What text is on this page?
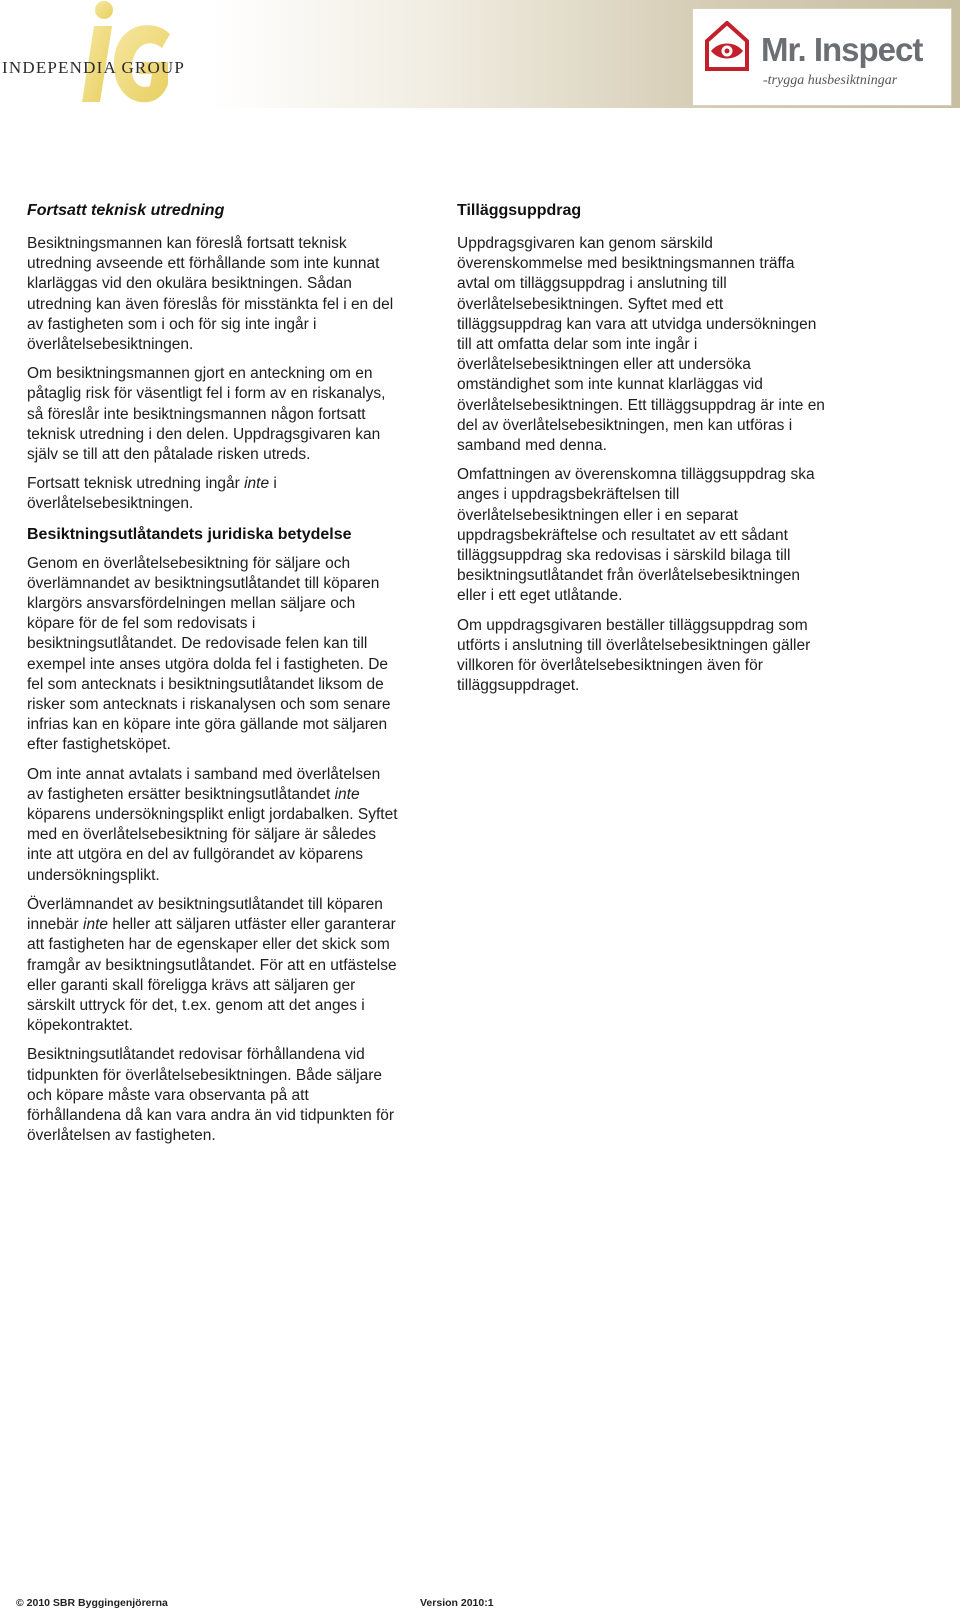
INDEPENDIA GROUP	Mr. Inspect

-trygga husbesiktningar

Fortsatt teknisk utredning

Besiktningsmannen kan föreslå fortsatt teknisk utredning avseende ett förhållande som inte kunnat klarläggas vid den okulära besiktningen. Sådan utredning kan även föreslås för misstänkta fel i en del av fastigheten som i och för sig inte ingår i överlåtelsebesiktningen.

Om besiktningsmannen gjort en anteckning om en påtaglig risk för väsentligt fel i form av en riskanalys, så föreslår inte besiktningsmannen någon fortsatt teknisk utredning i den delen. Uppdragsgivaren kan själv se till att den påtalade risken utreds.

Fortsatt teknisk utredning ingår inte i överlåtelsebesiktningen.

Besiktningsutlåtandets juridiska betydelse

Genom en överlåtelsebesiktning för säljare och överlämnandet av besiktningsutlåtandet till köparen klargörs ansvarsfördelningen mellan säljare och köpare för de fel som redovisats i besiktningsutlåtandet. De redovisade felen kan till exempel inte anses utgöra dolda fel i fastigheten. De fel som antecknats i besiktningsutlåtandet liksom de risker som antecknats i riskanalysen och som senare infrias kan en köpare inte göra gällande mot säljaren efter fastighetsköpet.

Om inte annat avtalats i samband med överlåtelsen av fastigheten ersätter besiktningsutlåtandet inte köparens undersökningsplikt enligt jordabalken. Syftet med en överlåtelsebesiktning för säljare är således inte att utgöra en del av fullgörandet av köparens undersökningsplikt.

Överlämnandet av besiktningsutlåtandet till köparen innebär inte heller att säljaren utfäster eller garanterar att fastigheten har de egenskaper eller det skick som framgår av besiktningsutlåtandet. För att en utfästelse eller garanti skall föreligga krävs att säljaren ger särskilt uttryck för det, t.ex. genom att det anges i köpekontraktet.

Besiktningsutlåtandet redovisar förhållandena vid tidpunkten för överlåtelsebesiktningen. Både säljare och köpare måste vara observanta på att förhållandena då kan vara andra än vid tidpunkten för överlåtelsen av fastigheten.

Tilläggsuppdrag

Uppdragsgivaren kan genom särskild överenskommelse med besiktningsmannen träffa avtal om tilläggsuppdrag i anslutning till överlåtelsebesiktningen. Syftet med ett tilläggsuppdrag kan vara att utvidga undersökningen till att omfatta delar som inte ingår i överlåtelsebesiktningen eller att undersöka omständighet som inte kunnat klarläggas vid överlåtelsebesiktningen. Ett tilläggsuppdrag är inte en del av överlåtelsebesiktningen, men kan utföras i samband med denna.

Omfattningen av överenskomna tilläggsuppdrag ska anges i uppdragsbekräftelsen till överlåtelsebesiktningen eller i en separat uppdragsbekräftelse och resultatet av ett sådant tilläggsuppdrag ska redovisas i särskild bilaga till besiktningsutlåtandet från överlåtelsebesiktningen eller i ett eget utlåtande.

Om uppdragsgivaren beställer tilläggsuppdrag som utförts i anslutning till överlåtelsebesiktningen gäller villkoren för överlåtelsebesiktningen även för tilläggsuppdraget.

© 2010 SBR Byggingenjörerna	Version 2010:1
